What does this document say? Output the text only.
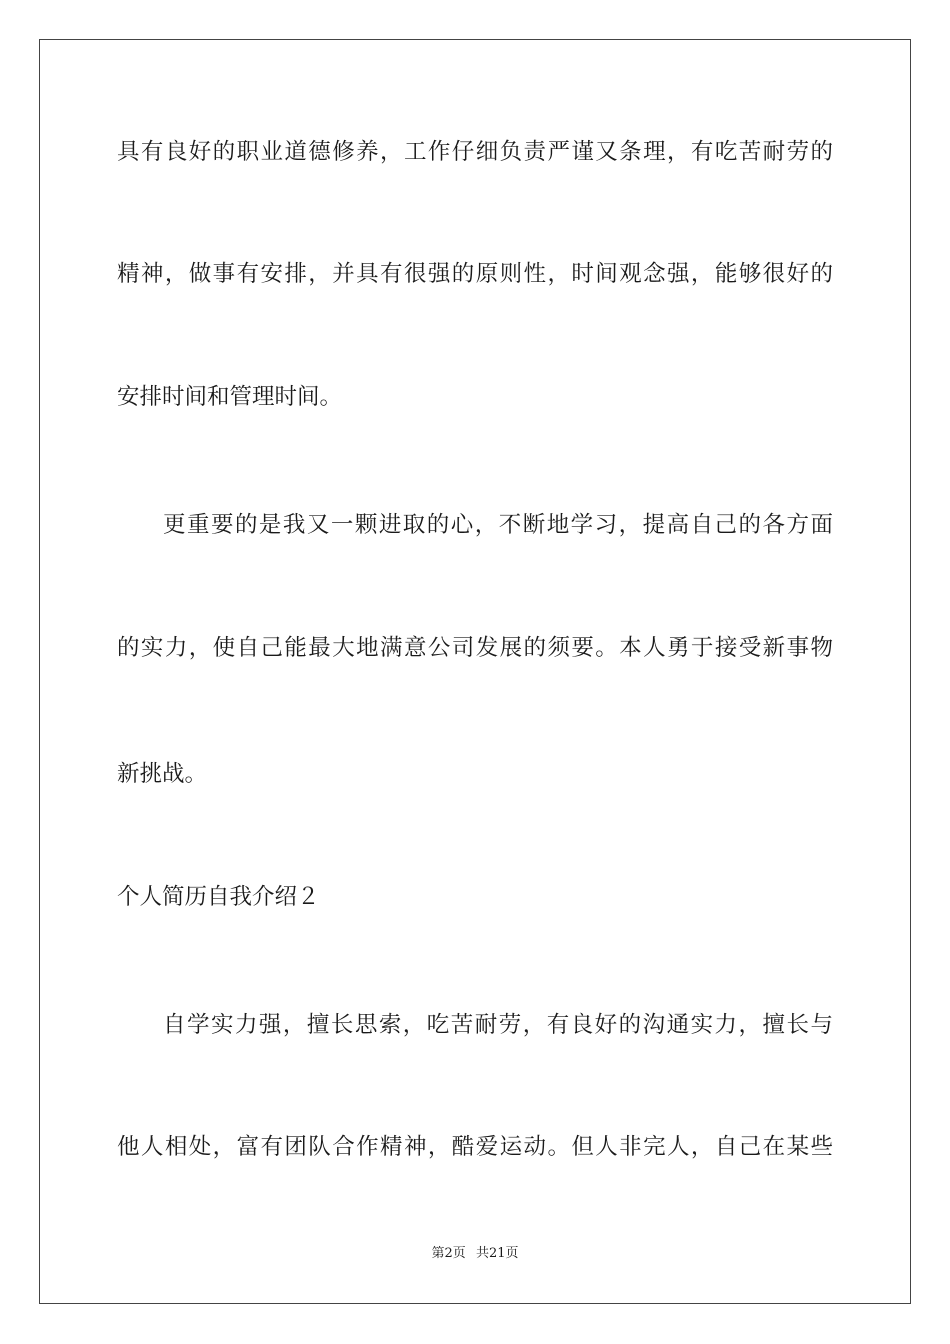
具有良好的职业道德修养，工作仔细负责严谨又条理，有吃苦耐劳的
精神，做事有安排，并具有很强的原则性，时间观念强，能够很好的
安排时间和管理时间。
更重要的是我又一颗进取的心，不断地学习，提高自己的各方面
的实力，使自己能最大地满意公司发展的须要。本人勇于接受新事物
新挑战。
个人简历自我介绍２
自学实力强，擅长思索，吃苦耐劳，有良好的沟通实力，擅长与
他人相处，富有团队合作精神，酷爱运动。但人非完人，自己在某些
第2页 共21页
